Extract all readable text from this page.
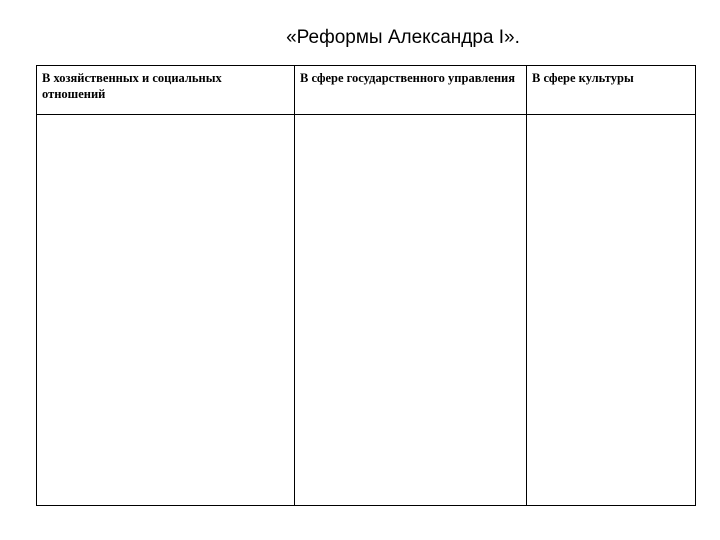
«Реформы Александра I».
В хозяйственных и социальных отношений	В сфере государственного управления	В сфере культуры
